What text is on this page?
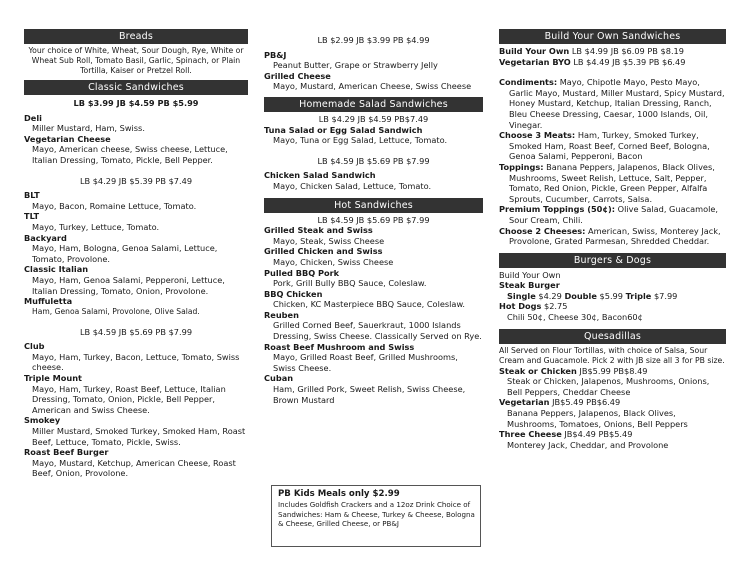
Breads
Your choice of White, Wheat, Sour Dough, Rye, White or Wheat Sub Roll, Tomato Basil, Garlic, Spinach, or Plain Tortilla, Kaiser or Pretzel Roll.
Classic Sandwiches
LB $3.99 JB $4.59 PB $5.99
Deli
Miller Mustard, Ham, Swiss.
Vegetarian Cheese
Mayo, American cheese, Swiss cheese, Lettuce, Italian Dressing, Tomato, Pickle, Bell Pepper.
LB $4.29 JB $5.39 PB $7.49
BLT
Mayo, Bacon, Romaine Lettuce, Tomato.
TLT
Mayo, Turkey, Lettuce, Tomato.
Backyard
Mayo, Ham, Bologna, Genoa Salami, Lettuce, Tomato, Provolone.
Classic Italian
Mayo, Ham, Genoa Salami, Pepperoni, Lettuce, Italian Dressing, Tomato, Onion, Provolone.
Muffuletta
Ham, Genoa Salami, Provolone, Olive Salad.
LB $4.59 JB $5.69 PB $7.99
Club
Mayo, Ham, Turkey, Bacon, Lettuce, Tomato, Swiss cheese.
Triple Mount
Mayo, Ham, Turkey, Roast Beef, Lettuce, Italian Dressing, Tomato, Onion, Pickle, Bell Pepper, American and Swiss Cheese.
Smokey
Miller Mustard, Smoked Turkey, Smoked Ham, Roast Beef, Lettuce, Tomato, Pickle, Swiss.
Roast Beef Burger
Mayo, Mustard, Ketchup, American Cheese, Roast Beef, Onion, Provolone.
LB $2.99 JB $3.99 PB $4.99
PB&J
Peanut Butter, Grape or Strawberry Jelly
Grilled Cheese
Mayo, Mustard, American Cheese, Swiss Cheese
Homemade Salad Sandwiches
LB $4.29 JB $4.59 PB$7.49
Tuna Salad or Egg Salad Sandwich
Mayo, Tuna or Egg Salad, Lettuce, Tomato.
LB $4.59 JB $5.69 PB $7.99
Chicken Salad Sandwich
Mayo, Chicken Salad, Lettuce, Tomato.
Hot Sandwiches
LB $4.59 JB $5.69 PB $7.99
Grilled Steak and Swiss
Mayo, Steak, Swiss Cheese
Grilled Chicken and Swiss
Mayo, Chicken, Swiss Cheese
Pulled BBQ Pork
Pork, Grill Bully BBQ Sauce, Coleslaw.
BBQ Chicken
Chicken, KC Masterpiece BBQ Sauce, Coleslaw.
Reuben
Grilled Corned Beef, Sauerkraut, 1000 Islands Dressing, Swiss Cheese. Classically Served on Rye.
Roast Beef Mushroom and Swiss
Mayo, Grilled Roast Beef, Grilled Mushrooms, Swiss Cheese.
Cuban
Ham, Grilled Pork, Sweet Relish, Swiss Cheese, Brown Mustard
PB Kids Meals only $2.99
Includes Goldfish Crackers and a 12oz Drink Choice of Sandwiches: Ham & Cheese, Turkey & Cheese, Bologna & Cheese, Grilled Cheese, or PB&J
Build Your Own Sandwiches
Build Your Own LB $4.99 JB $6.09 PB $8.19
Vegetarian BYO LB $4.49 JB $5.39 PB $6.49
Condiments: Mayo, Chipotle Mayo, Pesto Mayo, Garlic Mayo, Mustard, Miller Mustard, Spicy Mustard, Honey Mustard, Ketchup, Italian Dressing, Ranch, Bleu Cheese Dressing, Caesar, 1000 Islands, Oil, Vinegar.
Choose 3 Meats: Ham, Turkey, Smoked Turkey, Smoked Ham, Roast Beef, Corned Beef, Bologna, Genoa Salami, Pepperoni, Bacon
Toppings: Banana Peppers, Jalapenos, Black Olives, Mushrooms, Sweet Relish, Lettuce, Salt, Pepper, Tomato, Red Onion, Pickle, Green Pepper, Alfalfa Sprouts, Cucumber, Carrots, Salsa.
Premium Toppings (50¢): Olive Salad, Guacamole, Sour Cream, Chili.
Choose 2 Cheeses: American, Swiss, Monterey Jack, Provolone, Grated Parmesan, Shredded Cheddar.
Burgers & Dogs
Build Your Own
Steak Burger
Single $4.29 Double $5.99 Triple $7.99
Hot Dogs $2.75
Chili 50¢, Cheese 30¢, Bacon60¢
Quesadillas
All Served on Flour Tortillas, with choice of Salsa, Sour Cream and Guacamole. Pick 2 with JB size all 3 for PB size.
Steak or Chicken JB$5.99 PB$8.49
Steak or Chicken, Jalapenos, Mushrooms, Onions, Bell Peppers, Cheddar Cheese
Vegetarian JB$5.49 PB$6.49
Banana Peppers, Jalapenos, Black Olives, Mushrooms, Tomatoes, Onions, Bell Peppers
Three Cheese JB$4.49 PB$5.49
Monterey Jack, Cheddar, and Provolone
